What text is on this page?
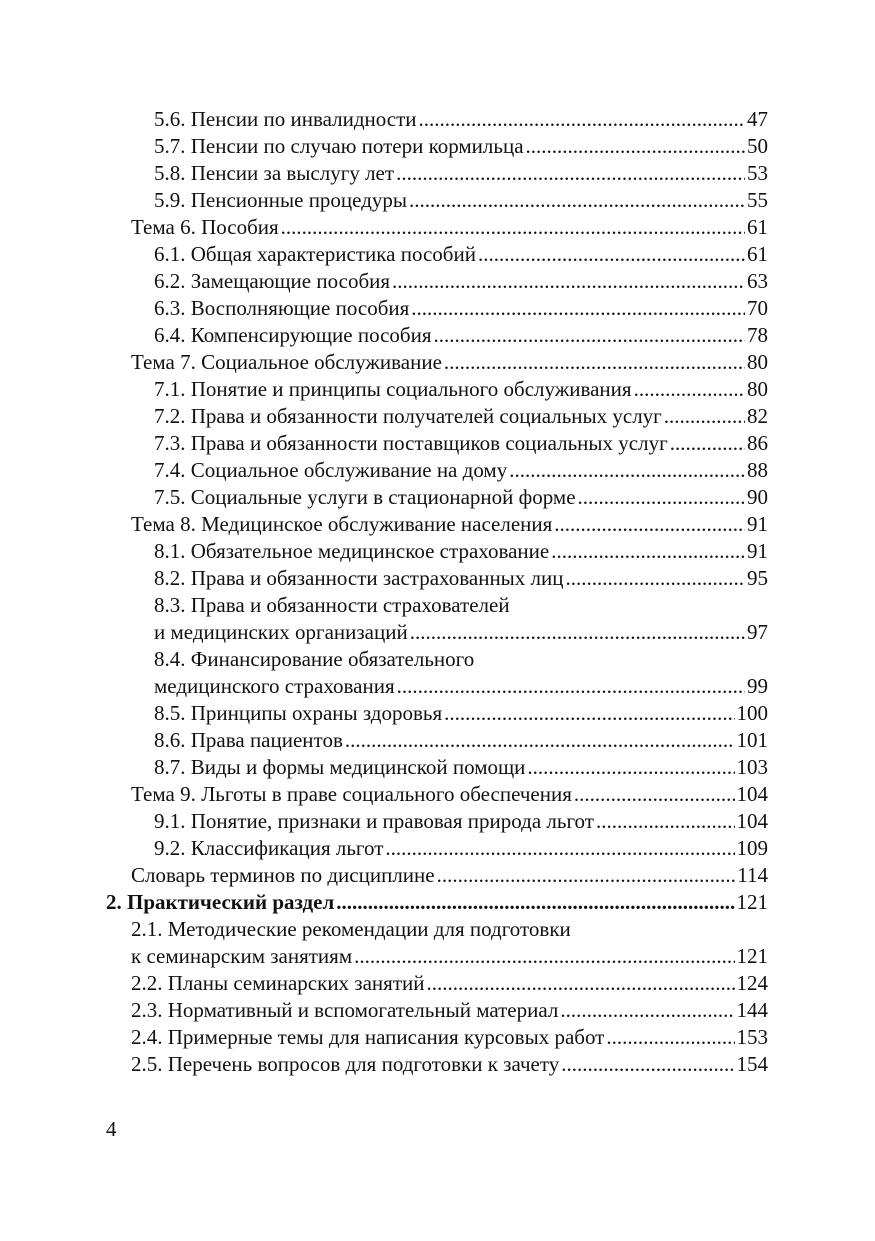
5.6. Пенсии по инвалидности .....	47
5.7. Пенсии по случаю потери кормильца .....	50
5.8. Пенсии за выслугу лет .....	53
5.9. Пенсионные процедуры .....	55
Тема 6. Пособия .....	61
6.1. Общая характеристика пособий .....	61
6.2. Замещающие пособия .....	63
6.3. Восполняющие пособия .....	70
6.4. Компенсирующие пособия .....	78
Тема 7. Социальное обслуживание .....	80
7.1. Понятие и принципы социального обслуживания .....	80
7.2. Права и обязанности получателей социальных услуг .....	82
7.3. Права и обязанности поставщиков социальных услуг .....	86
7.4. Социальное обслуживание на дому .....	88
7.5. Социальные услуги в стационарной форме .....	90
Тема 8. Медицинское обслуживание населения .....	91
8.1. Обязательное медицинское страхование .....	91
8.2. Права и обязанности застрахованных лиц .....	95
8.3. Права и обязанности страхователей
и медицинских организаций .....	97
8.4. Финансирование обязательного
медицинского страхования .....	99
8.5. Принципы охраны здоровья .....	100
8.6. Права пациентов .....	101
8.7. Виды и формы медицинской помощи .....	103
Тема 9. Льготы в праве социального обеспечения .....	104
9.1. Понятие, признаки и правовая природа льгот .....	104
9.2. Классификация льгот .....	109
Словарь терминов по дисциплине .....	114
2. Практический раздел .....	121
2.1. Методические рекомендации для подготовки
к семинарским занятиям .....	121
2.2. Планы семинарских занятий .....	124
2.3. Нормативный и вспомогательный материал .....	144
2.4. Примерные темы для написания курсовых работ .....	153
2.5. Перечень вопросов для подготовки к зачету .....	154
4
